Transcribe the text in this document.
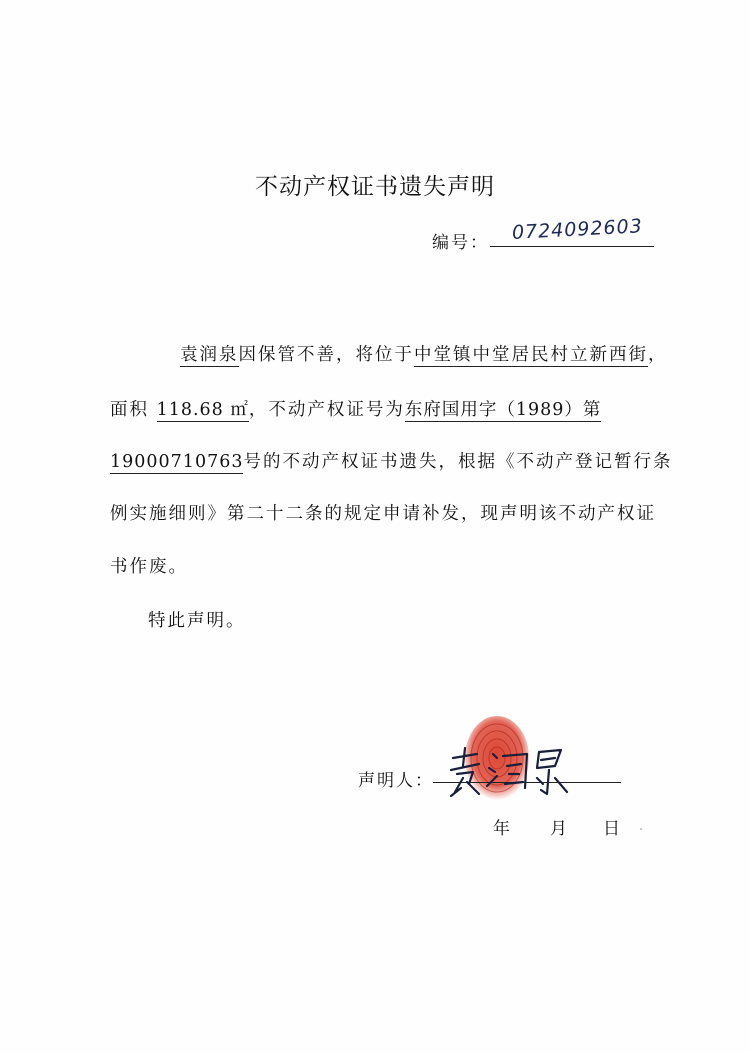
不动产权证书遗失声明
编号： 0724092603
袁润泉因保管不善，将位于中堂镇中堂居民村立新西街，
面积 118.68 ㎡，不动产权证号为东府国用字（1989）第
19000710763号的不动产权证书遗失，根据《不动产登记暂行条
例实施细则》第二十二条的规定申请补发，现声明该不动产权证
书作废。
特此声明。
声明人：
年 月 日
